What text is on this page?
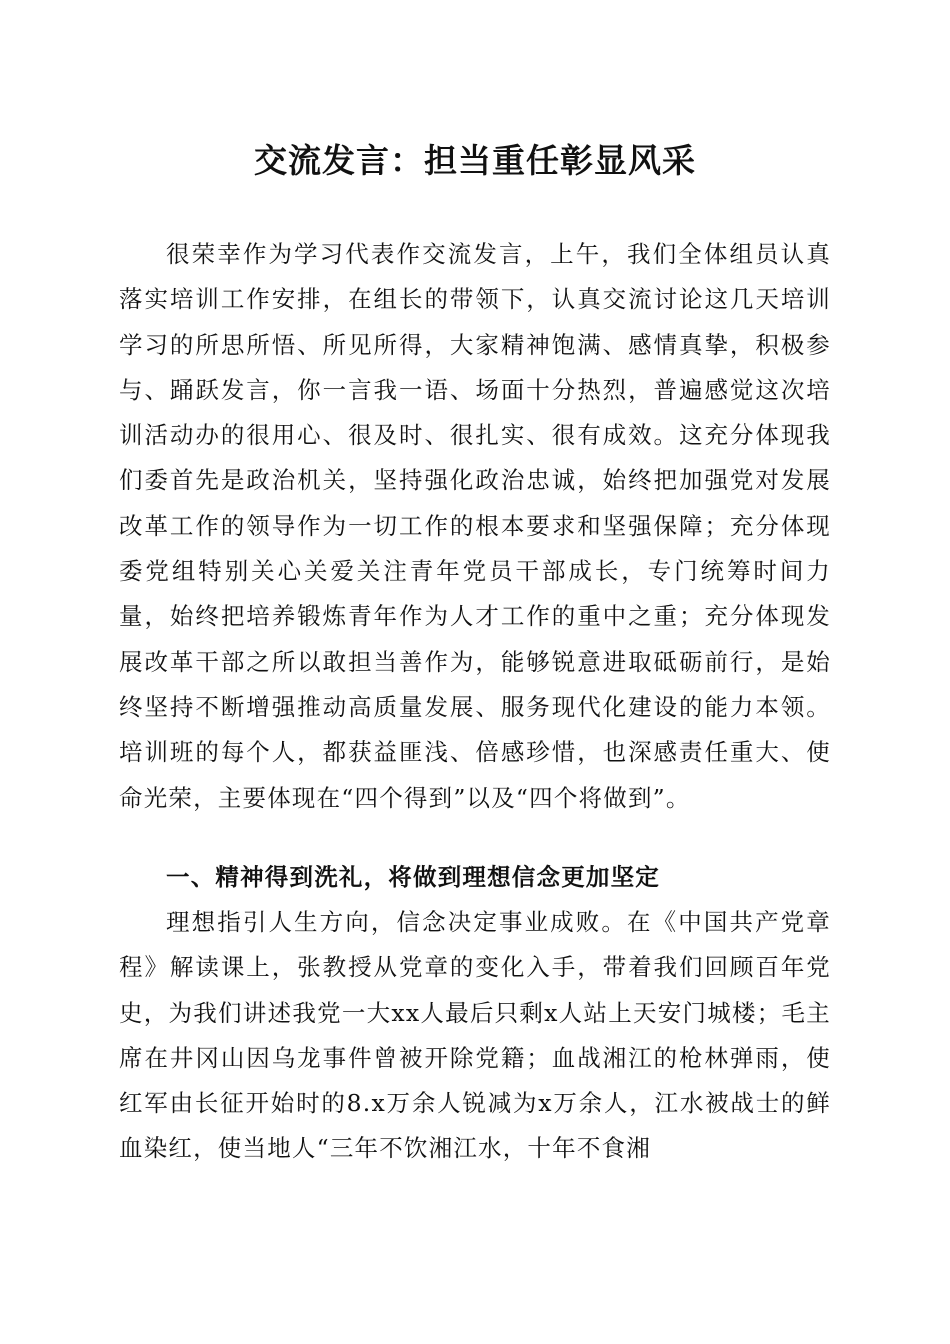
交流发言：担当重任彰显风采
很荣幸作为学习代表作交流发言，上午，我们全体组员认真落实培训工作安排，在组长的带领下，认真交流讨论这几天培训学习的所思所悟、所见所得，大家精神饱满、感情真挚，积极参与、踊跃发言，你一言我一语、场面十分热烈，普遍感觉这次培训活动办的很用心、很及时、很扎实、很有成效。这充分体现我们委首先是政治机关，坚持强化政治忠诚，始终把加强党对发展改革工作的领导作为一切工作的根本要求和坚强保障；充分体现委党组特别关心关爱关注青年党员干部成长，专门统筹时间力量，始终把培养锻炼青年作为人才工作的重中之重；充分体现发展改革干部之所以敢担当善作为，能够锐意进取砥砺前行，是始终坚持不断增强推动高质量发展、服务现代化建设的能力本领。培训班的每个人，都获益匪浅、倍感珍惜，也深感责任重大、使命光荣，主要体现在“四个得到”以及“四个将做到”。
一、精神得到洗礼，将做到理想信念更加坚定
理想指引人生方向，信念决定事业成败。在《中国共产党章程》解读课上，张教授从党章的变化入手，带着我们回顾百年党史，为我们讲述我党一大xx人最后只剩x人站上天安门城楼；毛主席在井冈山因乌龙事件曾被开除党籍；血战湘江的枪林弹雨，使红军由长征开始时的8.x万余人锐减为x万余人，江水被战士的鲜血染红，使当地人“三年不饮湘江水，十年不食湘
